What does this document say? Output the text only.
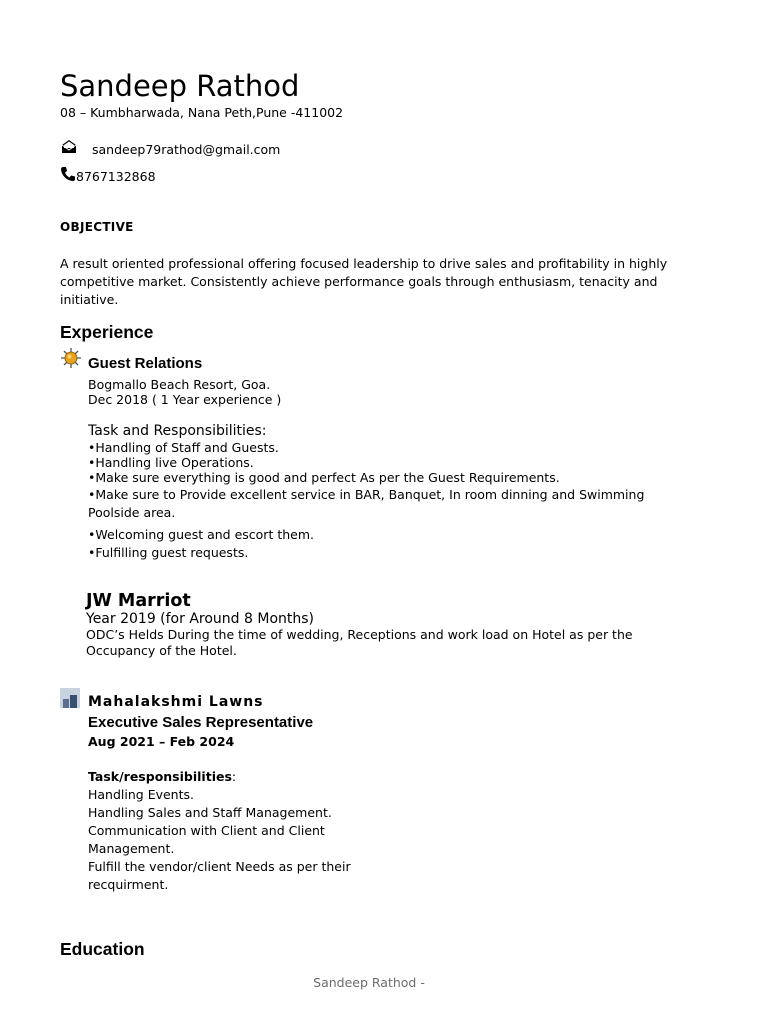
Sandeep Rathod
08 – Kumbharwada, Nana Peth,Pune -411002
sandeep79rathod@gmail.com
8767132868
OBJECTIVE
A result oriented professional offering focused leadership to drive sales and profitability in highly competitive market. Consistently achieve performance goals through enthusiasm, tenacity and initiative.
Experience
Guest Relations
Bogmallo Beach Resort, Goa.
Dec 2018 ( 1 Year experience )
Task and Responsibilities:
•Handling of Staff and Guests.
•Handling live Operations.
•Make sure everything is good and perfect As per the Guest Requirements.
•Make sure to Provide excellent service in BAR, Banquet, In room dinning and Swimming Poolside area.
•Welcoming guest and escort them.
•Fulfilling guest requests.
JW Marriot
Year 2019 (for Around 8 Months)
ODC’s Helds During the time of wedding, Receptions and work load on Hotel as per the Occupancy of the Hotel.
Mahalakshmi Lawns
Executive Sales Representative
Aug 2021 – Feb 2024
Task/responsibilities:
Handling Events.
Handling Sales and Staff Management.
Communication with Client and Client Management.
Fulfill the vendor/client Needs as per their recquirment.
Education
Sandeep Rathod -
